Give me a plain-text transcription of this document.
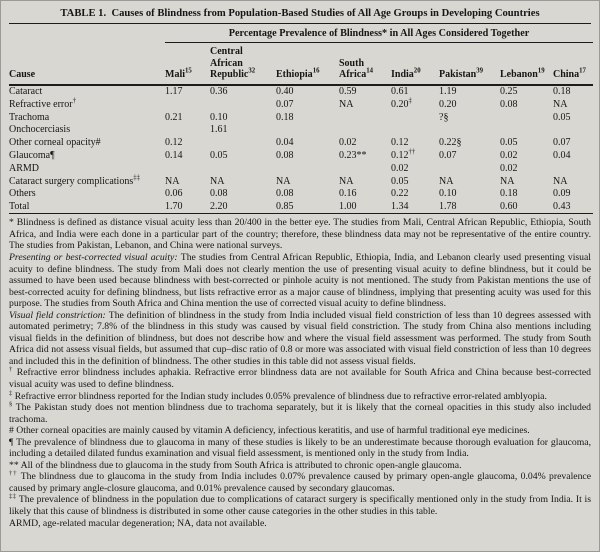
TABLE 1. Causes of Blindness from Population-Based Studies of All Age Groups in Developing Countries
	Percentage Prevalence of Blindness* in All Ages Considered Together							
Cause	Mali$^{15}$	Central African Republic$^{32}$	Ethiopia$^{16}$	South Africa$^{14}$	India$^{20}$	Pakistan$^{39}$	Lebanon$^{19}$	China$^{17}$
Cataract	1.17	0.36	0.40	0.59	0.61	1.19	0.25	0.18
Refractive error†			0.07	NA	0.20‡	0.20	0.08	NA
Trachoma	0.21	0.10	0.18			?§		0.05
Onchocerciasis		1.61						
Other corneal opacity#	0.12		0.04	0.02	0.12	0.22§	0.05	0.07
Glaucoma¶	0.14	0.05	0.08	0.23**	0.12††	0.07	0.02	0.04
ARMD					0.02		0.02	
Cataract surgery complications‡‡	NA	NA	NA	NA	0.05	NA	NA	NA
Others	0.06	0.08	0.08	0.16	0.22	0.10	0.18	0.09
Total	1.70	2.20	0.85	1.00	1.34	1.78	0.60	0.43
* Blindness is defined as distance visual acuity less than 20/400 in the better eye. The studies from Mali, Central African Republic, Ethiopia, South Africa, and India were each done in a particular part of the country; therefore, these blindness data may not be representative of the entire country. The studies from Pakistan, Lebanon, and China were national surveys.
Presenting or best-corrected visual acuity: The studies from Central African Republic, Ethiopia, India, and Lebanon clearly used presenting visual acuity to define blindness. The study from Mali does not clearly mention the use of presenting visual acuity to define blindness, but it could be assumed to have been used because blindness with best-corrected or pinhole acuity is not mentioned. The study from Pakistan mentions the use of best-corrected acuity for defining blindness, but lists refractive error as a major cause of blindness, implying that presenting acuity was used for this purpose. The studies from South Africa and China mention the use of corrected visual acuity to define blindness.
Visual field constriction: The definition of blindness in the study from India included visual field constriction of less than 10 degrees assessed with automated perimetry; 7.8% of the blindness in this study was caused by visual field constriction. The study from China also mentions including visual fields in the definition of blindness, but does not describe how and where the visual field assessment was performed. The study from South Africa did not assess visual fields, but assumed that cup–disc ratio of 0.8 or more was associated with visual field constriction of less than 10 degrees and included this in the definition of blindness. The other studies in this table did not assess visual fields.
† Refractive error blindness includes aphakia. Refractive error blindness data are not available for South Africa and China because best-corrected visual acuity was used to define blindness.
‡ Refractive error blindness reported for the Indian study includes 0.05% prevalence of blindness due to refractive error-related amblyopia.
§ The Pakistan study does not mention blindness due to trachoma separately, but it is likely that the corneal opacities in this study also included trachoma.
# Other corneal opacities are mainly caused by vitamin A deficiency, infectious keratitis, and use of harmful traditional eye medicines.
¶ The prevalence of blindness due to glaucoma in many of these studies is likely to be an underestimate because thorough evaluation for glaucoma, including a detailed dilated fundus examination and visual field assessment, is mentioned only in the study from India.
** All of the blindness due to glaucoma in the study from South Africa is attributed to chronic open-angle glaucoma.
†† The blindness due to glaucoma in the study from India includes 0.07% prevalence caused by primary open-angle glaucoma, 0.04% prevalence caused by primary angle-closure glaucoma, and 0.01% prevalence caused by secondary glaucomas.
‡‡ The prevalence of blindness in the population due to complications of cataract surgery is specifically mentioned only in the study from India. It is likely that this cause of blindness is distributed in some other cause categories in the other studies in this table.
ARMD, age-related macular degeneration; NA, data not available.
